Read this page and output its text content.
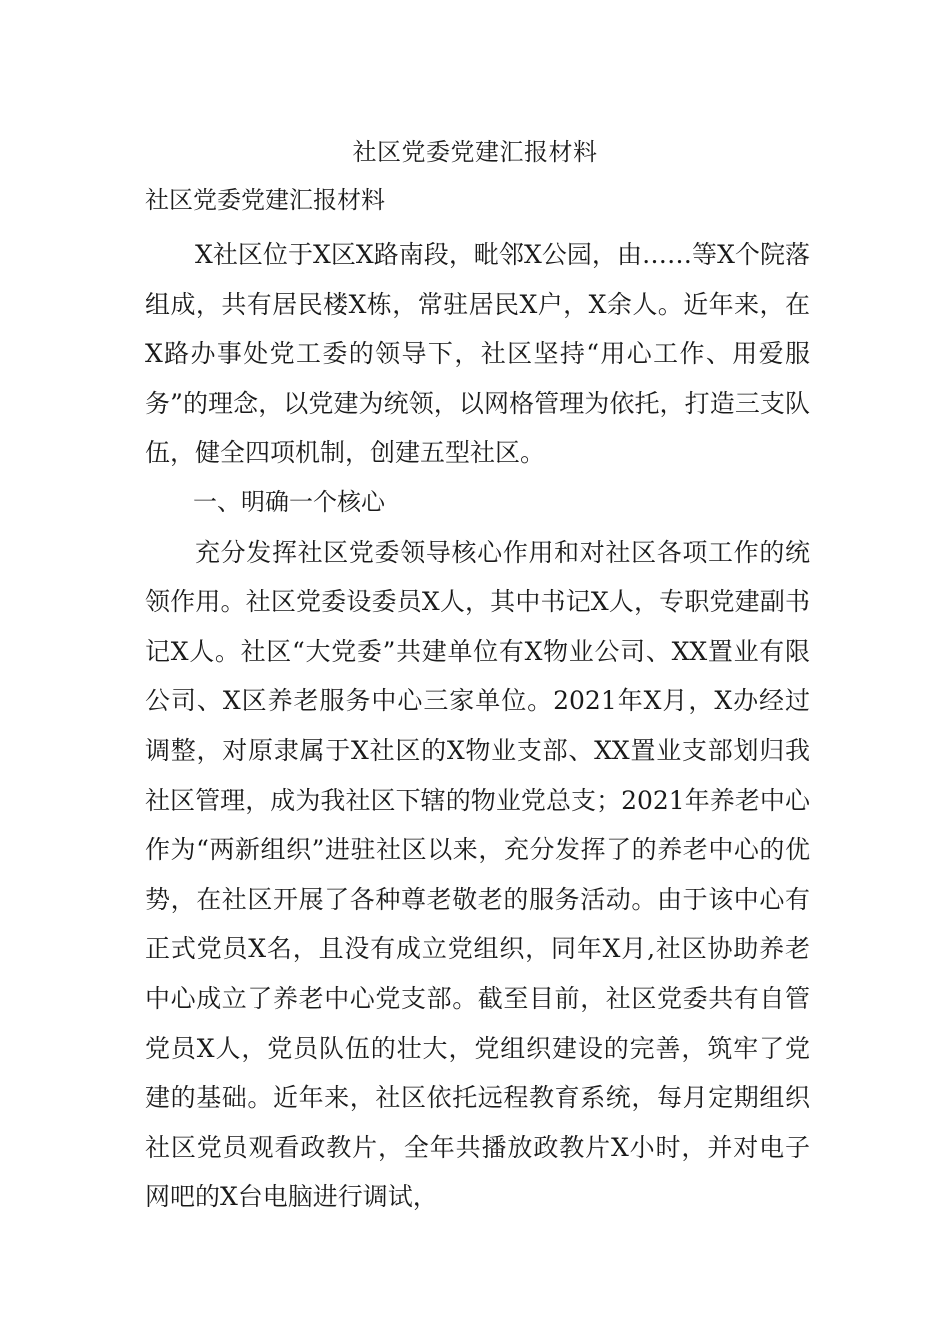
社区党委党建汇报材料
社区党委党建汇报材料

X社区位于X区X路南段，毗邻X公园，由……等X个院落组成，共有居民楼X栋，常驻居民X户，X余人。近年来，在X路办事处党工委的领导下，社区坚持“用心工作、用爱服务”的理念，以党建为统领，以网格管理为依托，打造三支队伍，健全四项机制，创建五型社区。

一、明确一个核心

充分发挥社区党委领导核心作用和对社区各项工作的统领作用。社区党委设委员X人，其中书记X人，专职党建副书记X人。社区“大党委”共建单位有X物业公司、XX置业有限公司、X区养老服务中心三家单位。2021年X月，X办经过调整，对原隶属于X社区的X物业支部、XX置业支部划归我社区管理，成为我社区下辖的物业党总支；2021年养老中心作为“两新组织”进驻社区以来，充分发挥了的养老中心的优势，在社区开展了各种尊老敬老的服务活动。由于该中心有正式党员X名，且没有成立党组织，同年X月,社区协助养老中心成立了养老中心党支部。截至目前，社区党委共有自管党员X人，党员队伍的壮大，党组织建设的完善，筑牢了党建的基础。近年来，社区依托远程教育系统，每月定期组织社区党员观看政教片，全年共播放政教片X小时，并对电子网吧的X台电脑进行调试，
